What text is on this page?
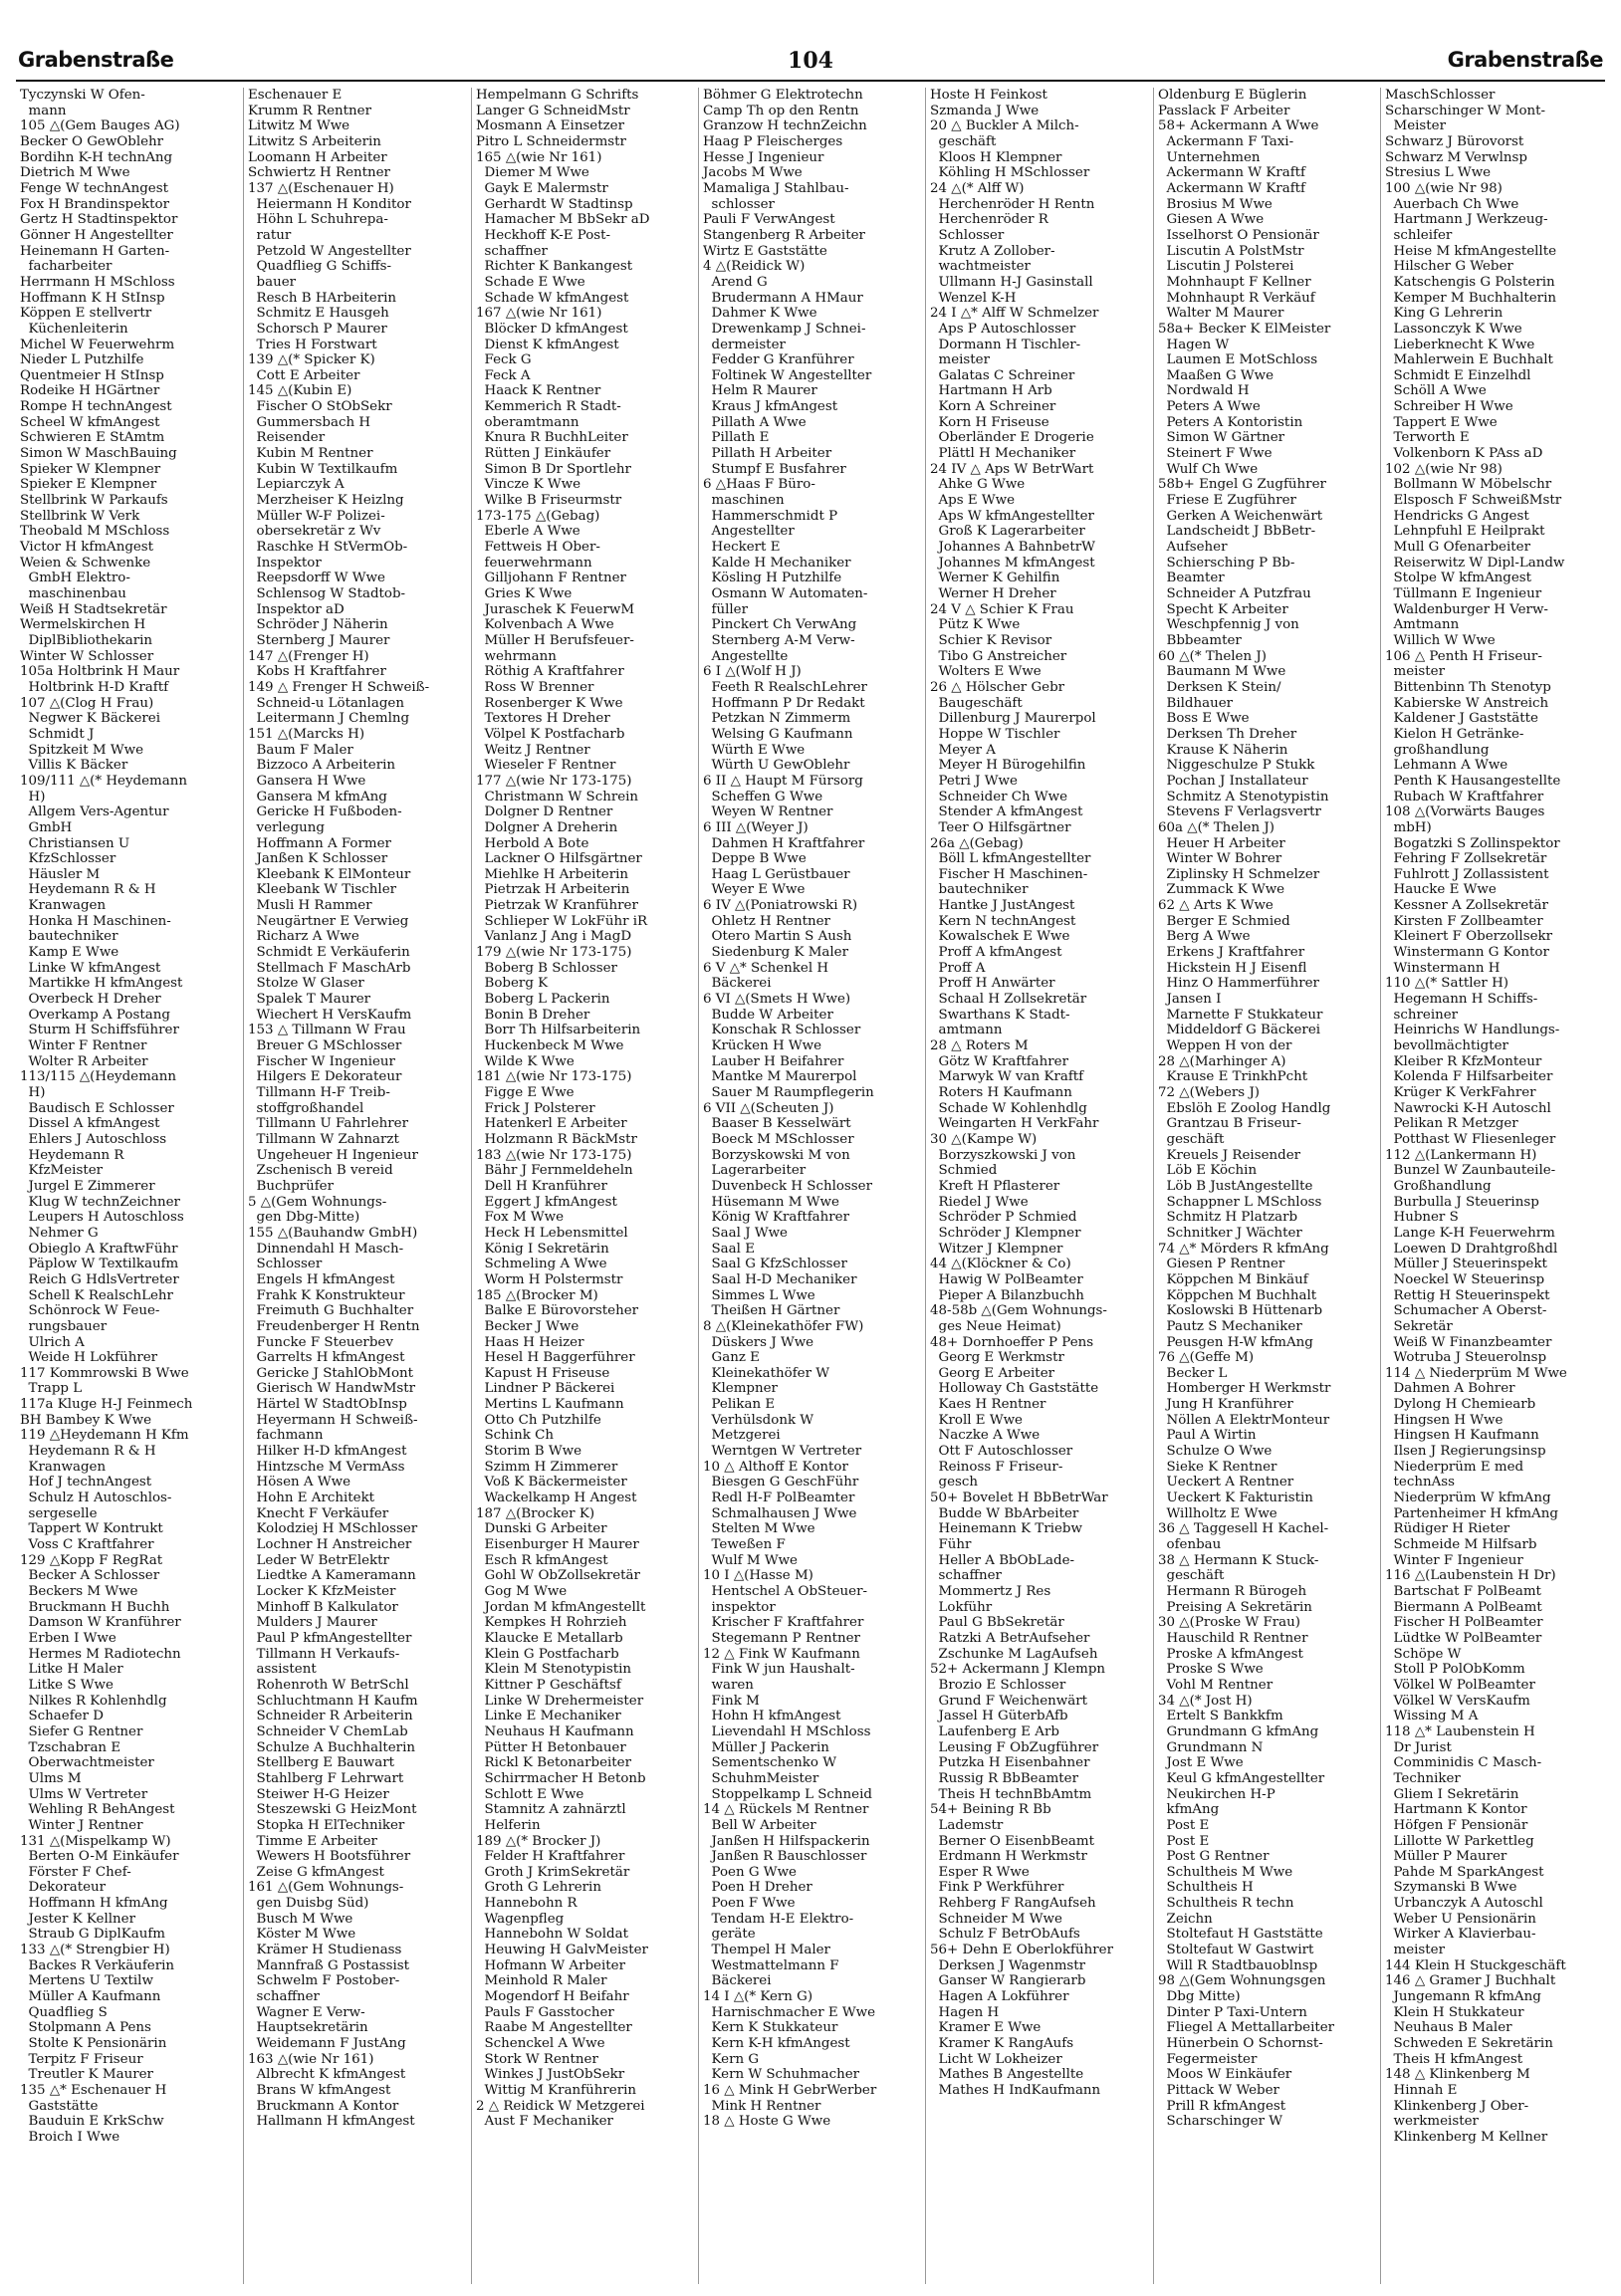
Grabenstraße	104	Grabenstraße
Tyczynski W Ofen-
mann
105 △(Gem Bauges AG)
Becker O GewOblehr
Bordihn K-H technAng
Dietrich M Wwe
Fenge W technAngest
Fox H Brandinspektor
Gertz H Stadtinspektor
Gönner H Angestellter
Heinemann H Garten-
facharbeiter
Herrmann H MSchloss
Hoffmann K H StInsp
Köppen E stellvertr
Küchenleiterin
Michel W Feuerwehrm
Nieder L Putzhilfe
Quentmeier H StInsp
Rodeike H HGärtner
Rompe H technAngest
Scheel W kfmAngest
Schwieren E StAmtm
Simon W MaschBauing
Spieker W Klempner
Spieker E Klempner
Stellbrink W Parkaufs
Stellbrink W Verk
Theobald M MSchloss
Victor H kfmAngest
Weien & Schwenke
GmbH Elektro-
maschinenbau
Weiß H Stadtsekretär
Wermelskirchen H
DiplBibliothekarin
Winter W Schlosser
105a Holtbrink H Maur
Holtbrink H-D Kraftf
107 △(Clog H Frau)
Negwer K Bäckerei
Schmidt J
Spitzkeit M Wwe
Villis K Bäcker
109/111 △(* Heydemann
H)
Allgem Vers-Agentur
GmbH
Christiansen U
KfzSchlosser
Häusler M
Heydemann R & H
Kranwagen
Honka H Maschinen-
bautechniker
Kamp E Wwe
Linke W kfmAngest
Martikke H kfmAngest
Overbeck H Dreher
Overkamp A Postang
Sturm H Schiffsführer
Winter F Rentner
Wolter R Arbeiter
113/115 △(Heydemann
H)
Baudisch E Schlosser
Dissel A kfmAngest
Ehlers J Autoschloss
Heydemann R
KfzMeister
Jurgel E Zimmerer
Klug W technZeichner
Leupers H Autoschloss
Nehmer G
Obieglo A KraftwFühr
Päplow W Textilkaufm
Reich G HdlsVertreter
Schell K RealschLehr
Schönrock W Feue-
rungsbauer
Ulrich A
Weide H Lokführer
117 Kommrowski B Wwe
Trapp L
117a Kluge H-J Feinmech
BH Bambey K Wwe
119 △Heydemann H Kfm
Heydemann R & H
Kranwagen
Hof J technAngest
Schulz H Autoschlos-
sergeselle
Tappert W Kontrukt
Voss C Kraftfahrer
129 △Kopp F RegRat
Becker A Schlosser
Beckers M Wwe
Bruckmann H Buchh
Damson W Kranführer
Erben I Wwe
Hermes M Radiotechn
Litke H Maler
Litke S Wwe
Nilkes R Kohlenhdlg
Schaefer D
Siefer G Rentner
Tzschabran E
Oberwachtmeister
Ulms M
Ulms W Vertreter
Wehling R BehAngest
Winter J Rentner
131 △(Mispelkamp W)
Berten O-M Einkäufer
Förster F Chef-
Dekorateur
Hoffmann H kfmAng
Jester K Kellner
Straub G DiplKaufm
133 △(* Strengbier H)
Backes R Verkäuferin
Mertens U Textilw
Müller A Kaufmann
Quadflieg S
Stolpmann A Pens
Stolte K Pensionärin
Terpitz F Friseur
Treutler K Maurer
135 △* Eschenauer H
Gaststätte
Bauduin E KrkSchw
Broich I Wwe
Eschenauer E
Krumm R Rentner
Litwitz M Wwe
Litwitz S Arbeiterin
Loomann H Arbeiter
Schwiertz H Rentner
137 △(Eschenauer H)
Heiermann H Konditor
Höhn L Schuhrepa-
ratur
Petzold W Angestellter
Quadflieg G Schiffs-
bauer
Resch B HArbeiterin
Schmitz E Hausgeh
Schorsch P Maurer
Tries H Forstwart
139 △(* Spicker K)
Cott E Arbeiter
145 △(Kubin E)
Fischer O StObSekr
Gummersbach H
Reisender
Kubin M Rentner
Kubin W Textilkaufm
Lepiarczyk A
Merzheiser K Heizlng
Müller W-F Polizei-
obersekretär z Wv
Raschke H StVermOb-
Inspektor
Reepsdorff W Wwe
Schlensog W Stadtob-
Inspektor aD
Schröder J Näherin
Sternberg J Maurer
147 △(Frenger H)
Kobs H Kraftfahrer
149 △ Frenger H Schweiß-
Schneid-u Lötanlagen
Leitermann J Chemlng
151 △(Marcks H)
Baum F Maler
Bizzoco A Arbeiterin
Gansera H Wwe
Gansera M kfmAng
Gericke H Fußboden-
verlegung
Hoffmann A Former
Janßen K Schlosser
Kleebank K ElMonteur
Kleebank W Tischler
Musli H Rammer
Neugärtner E Verwieg
Richarz A Wwe
Schmidt E Verkäuferin
Stellmach F MaschArb
Stolze W Glaser
Spalek T Maurer
Wiechert H VersKaufm
153 △ Tillmann W Frau
Breuer G MSchlosser
Fischer W Ingenieur
Hilgers E Dekorateur
Tillmann H-F Treib-
stoffgroßhandel
Tillmann U Fahrlehrer
Tillmann W Zahnarzt
Ungeheuer H Ingenieur
Zschenisch B vereid
Buchprüfer
5 △(Gem Wohnungs-
gen Dbg-Mitte)
155 △(Bauhandw GmbH)
Dinnendahl H Masch-
Schlosser
Engels H kfmAngest
Frahk K Konstrukteur
Freimuth G Buchhalter
Freudenberger H Rentn
Funcke F Steuerbev
Garrelts H kfmAngest
Gericke J StahlObMont
Gierisch W HandwMstr
Härtel W StadtObInsp
Heyermann H Schweiß-
fachmann
Hilker H-D kfmAngest
Hintzsche M VermAss
Hösen A Wwe
Hohn E Architekt
Knecht F Verkäufer
Kolodziej H MSchlosser
Lochner H Anstreicher
Leder W BetrElektr
Liedtke A Kameramann
Locker K KfzMeister
Minhoff B Kalkulator
Mulders J Maurer
Paul P kfmAngestellter
Tillmann H Verkaufs-
assistent
Rohenroth W BetrSchl
Schluchtmann H Kaufm
Schneider R Arbeiterin
Schneider V ChemLab
Schulze A Buchhalterin
Stellberg E Bauwart
Stahlberg F Lehrwart
Steiwer H-G Heizer
Steszewski G HeizMont
Stopka H ElTechniker
Timme E Arbeiter
Wewers H Bootsführer
Zeise G kfmAngest
161 △(Gem Wohnungs-
gen Duisbg Süd)
Busch M Wwe
Köster M Wwe
Krämer H Studienass
Mannfraß G Postassist
Schwelm F Postober-
schaffner
Wagner E Verw-
Hauptsekretärin
Weidemann F JustAng
163 △(wie Nr 161)
Albrecht K kfmAngest
Brans W kfmAngest
Bruckmann A Kontor
Hallmann H kfmAngest
Hempelmann G Schrifts
Langer G SchneidMstr
Mosmann A Einsetzer
Pitro L Schneidermstr
165 △(wie Nr 161)
Diemer M Wwe
Gayk E Malermstr
Gerhardt W Stadtinsp
Hamacher M BbSekr aD
Heckhoff K-E Post-
schaffner
Richter K Bankangest
Schade E Wwe
Schade W kfmAngest
167 △(wie Nr 161)
Blöcker D kfmAngest
Dienst K kfmAngest
Feck G
Feck A
Haack K Rentner
Kemmerich R Stadt-
oberamtmann
Knura R BuchhLeiter
Rütten J Einkäufer
Simon B Dr Sportlehr
Vincze K Wwe
Wilke B Friseurmstr
173-175 △(Gebag)
Eberle A Wwe
Fettweis H Ober-
feuerwehrmann
Gilljohann F Rentner
Gries K Wwe
Juraschek K FeuerwM
Kolvenbach A Wwe
Müller H Berufsfeuer-
wehrmann
Röthig A Kraftfahrer
Ross W Brenner
Rosenberger K Wwe
Textores H Dreher
Völpel K Postfacharb
Weitz J Rentner
Wieseler F Rentner
177 △(wie Nr 173-175)
Christmann W Schrein
Dolgner D Rentner
Dolgner A Dreherin
Herbold A Bote
Lackner O Hilfsgärtner
Miehlke H Arbeiterin
Pietrzak H Arbeiterin
Pietrzak W Kranführer
Schlieper W LokFühr iR
Vanlanz J Ang i MagD
179 △(wie Nr 173-175)
Boberg B Schlosser
Boberg K
Boberg L Packerin
Bonin B Dreher
Borr Th Hilfsarbeiterin
Huckenbeck M Wwe
Wilde K Wwe
181 △(wie Nr 173-175)
Figge E Wwe
Frick J Polsterer
Hatenkerl E Arbeiter
Holzmann R BäckMstr
183 △(wie Nr 173-175)
Bähr J Fernmeldeheln
Dell H Kranführer
Eggert J kfmAngest
Fox M Wwe
Heck H Lebensmittel
König I Sekretärin
Schmeling A Wwe
Worm H Polstermstr
185 △(Brocker M)
Balke E Bürovorsteher
Becker J Wwe
Haas H Heizer
Hesel H Baggerführer
Kapust H Friseuse
Lindner P Bäckerei
Mertins L Kaufmann
Otto Ch Putzhilfe
Schink Ch
Storim B Wwe
Szimm H Zimmerer
Voß K Bäckermeister
Wackelkamp H Angest
187 △(Brocker K)
Dunski G Arbeiter
Eisenburger H Maurer
Esch R kfmAngest
Gohl W ObZollsekretär
Gog M Wwe
Jordan M kfmAngestellt
Kempkes H Rohrzieh
Klaucke E Metallarb
Klein G Postfacharb
Klein M Stenotypistin
Kittner P Geschäftsf
Linke W Drehermeister
Linke E Mechaniker
Neuhaus H Kaufmann
Pütter H Betonbauer
Rickl K Betonarbeiter
Schirrmacher H Betonb
Schlott E Wwe
Stamnitz A zahnärztl
Helferin
189 △(* Brocker J)
Felder H Kraftfahrer
Groth J KrimSekretär
Groth G Lehrerin
Hannebohn R
Wagenpfleg
Hannebohn W Soldat
Heuwing H GalvMeister
Hofmann W Arbeiter
Meinhold R Maler
Mogendorf H Beifahr
Pauls F Gasstocher
Raabe M Angestellter
Schenckel A Wwe
Stork W Rentner
Winkes J JustObSekr
Wittig M Kranführerin
2 △ Reidick W Metzgerei
Aust F Mechaniker
Böhmer G Elektrotechn
Camp Th op den Rentn
Granzow H technZeichn
Haag P Fleischerges
Hesse J Ingenieur
Jacobs M Wwe
Mamaliga J Stahlbau-
schlosser
Pauli F VerwAngest
Stangenberg R Arbeiter
Wirtz E Gaststätte
4 △(Reidick W)
Arend G
Brudermann A HMaur
Dahmer K Wwe
Drewenkamp J Schnei-
dermeister
Fedder G Kranführer
Foltinek W Angestellter
Helm R Maurer
Kraus J kfmAngest
Pillath A Wwe
Pillath E
Pillath H Arbeiter
Stumpf E Busfahrer
6 △Haas F Büro-
maschinen
Hammerschmidt P
Angestellter
Heckert E
Kalde H Mechaniker
Kösling H Putzhilfe
Osmann W Automaten-
füller
Pinckert Ch VerwAng
Sternberg A-M Verw-
Angestellte
6 I △(Wolf H J)
Feeth R RealschLehrer
Hoffmann P Dr Redakt
Petzkan N Zimmerm
Welsing G Kaufmann
Würth E Wwe
Würth U GewOblehr
6 II △ Haupt M Fürsorg
Scheffen G Wwe
Weyen W Rentner
6 III △(Weyer J)
Dahmen H Kraftfahrer
Deppe B Wwe
Haag L Gerüstbauer
Weyer E Wwe
6 IV △(Poniatrowski R)
Ohletz H Rentner
Otero Martin S Aush
Siedenburg K Maler
6 V △* Schenkel H
Bäckerei
6 VI △(Smets H Wwe)
Budde W Arbeiter
Konschak R Schlosser
Krücken H Wwe
Lauber H Beifahrer
Mantke M Maurerpol
Sauer M Raumpflegerin
6 VII △(Scheuten J)
Baaser B Kesselwärt
Boeck M MSchlosser
Borzyskowski M von
Lagerarbeiter
Duvenbeck H Schlosser
Hüsemann M Wwe
König W Kraftfahrer
Saal J Wwe
Saal E
Saal G KfzSchlosser
Saal H-D Mechaniker
Simmes L Wwe
Theißen H Gärtner
8 △(Kleinekathöfer FW)
Düskers J Wwe
Ganz E
Kleinekathöfer W
Klempner
Pelikan E
Verhülsdonk W
Metzgerei
Werntgen W Vertreter
10 △ Althoff E Kontor
Biesgen G GeschFühr
Redl H-F PolBeamter
Schmalhausen J Wwe
Stelten M Wwe
Teweßen F
Wulf M Wwe
10 I △(Hasse M)
Hentschel A ObSteuer-
inspektor
Krischer F Kraftfahrer
Stegemann P Rentner
12 △ Fink W Kaufmann
Fink W jun Haushalt-
waren
Fink M
Hohn H kfmAngest
Lievendahl H MSchloss
Müller J Packerin
Sementschenko W
SchuhmMeister
Stoppelkamp L Schneid
14 △ Rückels M Rentner
Bell W Arbeiter
Janßen H Hilfspackerin
Janßen R Bauschlosser
Poen G Wwe
Poen H Dreher
Poen F Wwe
Tendam H-E Elektro-
geräte
Thempel H Maler
Westmattelmann F
Bäckerei
14 I △(* Kern G)
Harnischmacher E Wwe
Kern K Stukkateur
Kern K-H kfmAngest
Kern G
Kern W Schuhmacher
16 △ Mink H GebrWerber
Mink H Rentner
18 △ Hoste G Wwe
Hoste H Feinkost
Szmanda J Wwe
20 △ Buckler A Milch-
geschäft
Kloos H Klempner
Köhling H MSchlosser
24 △(* Alff W)
Herchenröder H Rentn
Herchenröder R
Schlosser
Krutz A Zollober-
wachtmeister
Ullmann H-J Gasinstall
Wenzel K-H
24 I △* Alff W Schmelzer
Aps P Autoschlosser
Dormann H Tischler-
meister
Galatas C Schreiner
Hartmann H Arb
Korn A Schreiner
Korn H Friseuse
Oberländer E Drogerie
Plättl H Mechaniker
24 IV △ Aps W BetrWart
Ahke G Wwe
Aps E Wwe
Aps W kfmAngestellter
Groß K Lagerarbeiter
Johannes A BahnbetrW
Johannes M kfmAngest
Werner K Gehilfin
Werner H Dreher
24 V △ Schier K Frau
Pütz K Wwe
Schier K Revisor
Tibo G Anstreicher
Wolters E Wwe
26 △ Hölscher Gebr
Baugeschäft
Dillenburg J Maurerpol
Hoppe W Tischler
Meyer A
Meyer H Bürogehilfin
Petri J Wwe
Schneider Ch Wwe
Stender A kfmAngest
Teer O Hilfsgärtner
26a △(Gebag)
Böll L kfmAngestellter
Fischer H Maschinen-
bautechniker
Hantke J JustAngest
Kern N technAngest
Kowalschek E Wwe
Proff A kfmAngest
Proff A
Proff H Anwärter
Schaal H Zollsekretär
Swarthans K Stadt-
amtmann
28 △ Roters M
Götz W Kraftfahrer
Marwyk W van Kraftf
Roters H Kaufmann
Schade W Kohlenhdlg
Weingarten H VerkFahr
30 △(Kampe W)
Borzyszkowski J von
Schmied
Kreft H Pflasterer
Riedel J Wwe
Schröder P Schmied
Schröder J Klempner
Witzer J Klempner
44 △(Klöckner & Co)
Hawig W PolBeamter
Pieper A Bilanzbuchh
48-58b △(Gem Wohnungs-
ges Neue Heimat)
48+ Dornhoeffer P Pens
Georg E Werkmstr
Georg E Arbeiter
Holloway Ch Gaststätte
Kaes H Rentner
Kroll E Wwe
Naczke A Wwe
Ott F Autoschlosser
Reinoss F Friseur-
gesch
50+ Bovelet H BbBetrWar
Budde W BbArbeiter
Heinemann K Triebw
Führ
Heller A BbObLade-
schaffner
Mommertz J Res
Lokführ
Paul G BbSekretär
Ratzki A BetrAufseher
Zschunke M LagAufseh
52+ Ackermann J Klempn
Brozio E Schlosser
Grund F Weichenwärt
Jassel H GüterbAfb
Laufenberg E Arb
Leusing F ObZugführer
Putzka H Eisenbahner
Russig R BbBeamter
Theis H technBbAmtm
54+ Beining R Bb
Lademstr
Berner O EisenbBeamt
Erdmann H Werkmstr
Esper R Wwe
Fink P Werkführer
Rehberg F RangAufseh
Schneider M Wwe
Schulz F BetrObAufs
56+ Dehn E Oberlokführer
Derksen J Wagenmstr
Ganser W Rangierarb
Hagen A Lokführer
Hagen H
Kramer E Wwe
Kramer K RangAufs
Licht W Lokheizer
Mathes B Angestellte
Mathes H IndKaufmann
Oldenburg E Büglerin
Passlack F Arbeiter
58+ Ackermann A Wwe
Ackermann F Taxi-
Unternehmen
Ackermann W Kraftf
Ackermann W Kraftf
Brosius M Wwe
Giesen A Wwe
Isselhorst O Pensionär
Liscutin A PolstMstr
Liscutin J Polsterei
Mohnhaupt F Kellner
Mohnhaupt R Verkäuf
Walter M Maurer
58a+ Becker K ElMeister
Hagen W
Laumen E MotSchloss
Maaßen G Wwe
Nordwald H
Peters A Wwe
Peters A Kontoristin
Simon W Gärtner
Steinert F Wwe
Wulf Ch Wwe
58b+ Engel G Zugführer
Friese E Zugführer
Gerken A Weichenwärt
Landscheidt J BbBetr-
Aufseher
Schiersching P Bb-
Beamter
Schneider A Putzfrau
Specht K Arbeiter
Weschpfennig J von
Bbbeamter
60 △(* Thelen J)
Baumann M Wwe
Derksen K Stein/
Bildhauer
Boss E Wwe
Derksen Th Dreher
Krause K Näherin
Niggeschulze P Stukk
Pochan J Installateur
Schmitz A Stenotypistin
Stevens F Verlagsvertr
60a △(* Thelen J)
Heuer H Arbeiter
Winter W Bohrer
Ziplinsky H Schmelzer
Zummack K Wwe
62 △ Arts K Wwe
Berger E Schmied
Berg A Wwe
Erkens J Kraftfahrer
Hickstein H J Eisenfl
Hinz O Hammerführer
Jansen I
Marnette F Stukkateur
Middeldorf G Bäckerei
Weppen H von der
28 △(Marhinger A)
Krause E TrinkhPcht
72 △(Webers J)
Ebslöh E Zoolog Handlg
Grantzau B Friseur-
geschäft
Kreuels J Reisender
Löb E Köchin
Löb B JustAngestellte
Schappner L MSchloss
Schmitz H Platzarb
Schnitker J Wächter
74 △* Mörders R kfmAng
Giesen P Rentner
Köppchen M Binkäuf
Köppchen M Buchhalt
Koslowski B Hüttenarb
Pautz S Mechaniker
Peusgen H-W kfmAng
76 △(Geffe M)
Becker L
Homberger H Werkmstr
Jung H Kranführer
Nöllen A ElektrMonteur
Paul A Wirtin
Schulze O Wwe
Sieke K Rentner
Ueckert A Rentner
Ueckert K Fakturistin
Willholtz E Wwe
36 △ Taggesell H Kachel-
ofenbau
38 △ Hermann K Stuck-
geschäft
Hermann R Bürogeh
Preising A Sekretärin
30 △(Proske W Frau)
Hauschild R Rentner
Proske A kfmAngest
Proske S Wwe
Vohl M Rentner
34 △(* Jost H)
Ertelt S Bankkfm
Grundmann G kfmAng
Grundmann N
Jost E Wwe
Keul G kfmAngestellter
Neukirchen H-P
kfmAng
Post E
Post E
Post G Rentner
Schultheis M Wwe
Schultheis H
Schultheis R techn
Zeichn
Stoltefaut H Gaststätte
Stoltefaut W Gastwirt
Will R Stadtbauoblnsp
98 △(Gem Wohnungsgen
Dbg Mitte)
Dinter P Taxi-Untern
Fliegel A Mettallarbeiter
Hünerbein O Schornst-
Fegermeister
Moos W Einkäufer
Pittack W Weber
Prill R kfmAngest
Scharschinger W
MaschSchlosser
Scharschinger W Mont-
Meister
Schwarz J Bürovorst
Schwarz M Verwlnsp
Stresius L Wwe
100 △(wie Nr 98)
Auerbach Ch Wwe
Hartmann J Werkzeug-
schleifer
Heise M kfmAngestellte
Hilscher G Weber
Katschengis G Polsterin
Kemper M Buchhalterin
King G Lehrerin
Lassonczyk K Wwe
Lieberknecht K Wwe
Mahlerwein E Buchhalt
Schmidt E Einzelhdl
Schöll A Wwe
Schreiber H Wwe
Tappert E Wwe
Terworth E
Volkenborn K PAss aD
102 △(wie Nr 98)
Bollmann W Möbelschr
Elsposch F SchweißMstr
Hendricks G Angest
Lehnpfuhl E Heilprakt
Mull G Ofenarbeiter
Reiserwitz W Dipl-Landw
Stolpe W kfmAngest
Tüllmann E Ingenieur
Waldenburger H Verw-
Amtmann
Willich W Wwe
106 △ Penth H Friseur-
meister
Bittenbinn Th Stenotyp
Kabierske W Anstreich
Kaldener J Gaststätte
Kielon H Getränke-
großhandlung
Lehmann A Wwe
Penth K Hausangestellte
Rubach W Kraftfahrer
108 △(Vorwärts Bauges
mbH)
Bogatzki S Zollinspektor
Fehring F Zollsekretär
Fuhlrott J Zollassistent
Haucke E Wwe
Kessner A Zollsekretär
Kirsten F Zollbeamter
Kleinert F Oberzollsekr
Winstermann G Kontor
Winstermann H
110 △(* Sattler H)
Hegemann H Schiffs-
schreiner
Heinrichs W Handlungs-
bevollmächtigter
Kleiber R KfzMonteur
Kolenda F Hilfsarbeiter
Krüger K VerkFahrer
Nawrocki K-H Autoschl
Pelikan R Metzger
Potthast W Fliesenleger
112 △(Lankermann H)
Bunzel W Zaunbauteile-
Großhandlung
Burbulla J Steuerinsp
Hubner S
Lange K-H Feuerwehrm
Loewen D Drahtgroßhdl
Müller J Steuerinspekt
Noeckel W Steuerinsp
Rettig H Steuerinspekt
Schumacher A Oberst-
Sekretär
Weiß W Finanzbeamter
Wotruba J Steuerolnsp
114 △ Niederprüm M Wwe
Dahmen A Bohrer
Dylong H Chemiearb
Hingsen H Wwe
Hingsen H Kaufmann
Ilsen J Regierungsinsp
Niederprüm E med
technAss
Niederprüm W kfmAng
Partenheimer H kfmAng
Rüdiger H Rieter
Schmeide M Hilfsarb
Winter F Ingenieur
116 △(Laubenstein H Dr)
Bartschat F PolBeamt
Biermann A PolBeamt
Fischer H PolBeamter
Lüdtke W PolBeamter
Schöpe W
Stoll P PolObKomm
Völkel W PolBeamter
Völkel W VersKaufm
Wissing M A
118 △* Laubenstein H
Dr Jurist
Comminidis C Masch-
Techniker
Gliem I Sekretärin
Hartmann K Kontor
Höfgen F Pensionär
Lillotte W Parkettleg
Müller P Maurer
Pahde M SparkAngest
Szymanski B Wwe
Urbanczyk A Autoschl
Weber U Pensionärin
Wirker A Klavierbau-
meister
144 Klein H Stuckgeschäft
146 △ Gramer J Buchhalt
Jungemann R kfmAng
Klein H Stukkateur
Neuhaus B Maler
Schweden E Sekretärin
Theis H kfmAngest
148 △ Klinkenberg M
Hinnah E
Klinkenberg J Ober-
werkmeister
Klinkenberg M Kellner
